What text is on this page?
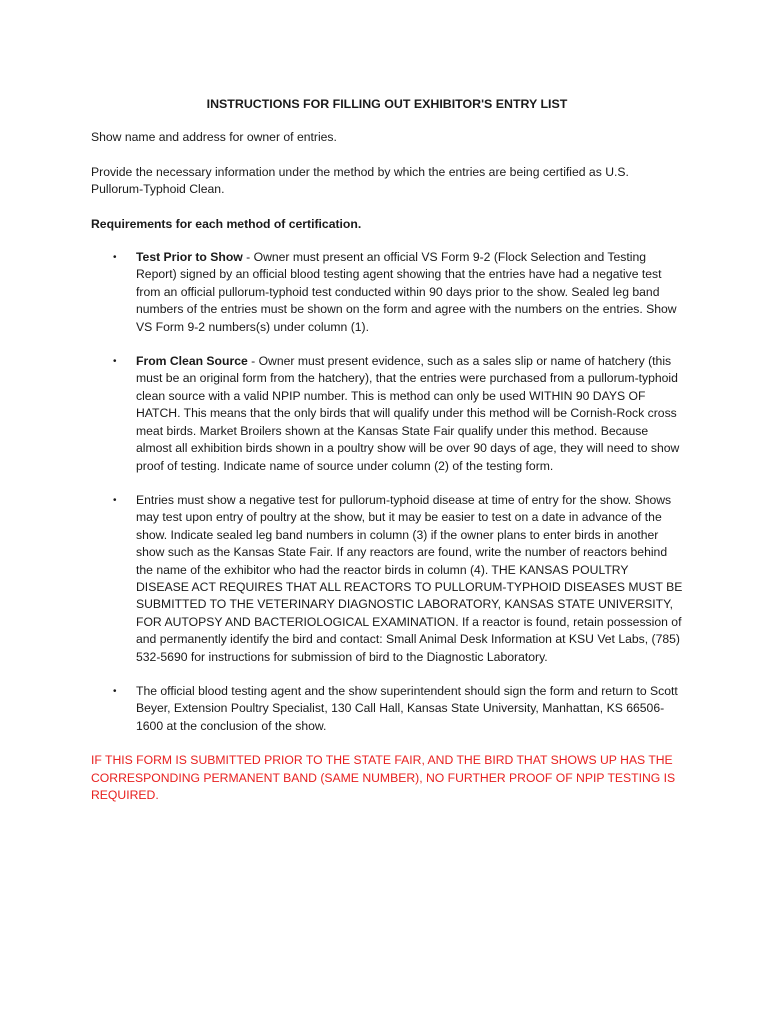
INSTRUCTIONS FOR FILLING OUT EXHIBITOR'S ENTRY LIST
Show name and address for owner of entries.
Provide the necessary information under the method by which the entries are being certified as U.S. Pullorum-Typhoid Clean.
Requirements for each method of certification.
• Test Prior to Show - Owner must present an official VS Form 9-2 (Flock Selection and Testing Report) signed by an official blood testing agent showing that the entries have had a negative test from an official pullorum-typhoid test conducted within 90 days prior to the show. Sealed leg band numbers of the entries must be shown on the form and agree with the numbers on the entries. Show VS Form 9-2 numbers(s) under column (1).
• From Clean Source - Owner must present evidence, such as a sales slip or name of hatchery (this must be an original form from the hatchery), that the entries were purchased from a pullorum-typhoid clean source with a valid NPIP number. This is method can only be used WITHIN 90 DAYS OF HATCH. This means that the only birds that will qualify under this method will be Cornish-Rock cross meat birds. Market Broilers shown at the Kansas State Fair qualify under this method. Because almost all exhibition birds shown in a poultry show will be over 90 days of age, they will need to show proof of testing. Indicate name of source under column (2) of the testing form.
• Entries must show a negative test for pullorum-typhoid disease at time of entry for the show. Shows may test upon entry of poultry at the show, but it may be easier to test on a date in advance of the show. Indicate sealed leg band numbers in column (3) if the owner plans to enter birds in another show such as the Kansas State Fair. If any reactors are found, write the number of reactors behind the name of the exhibitor who had the reactor birds in column (4). THE KANSAS POULTRY DISEASE ACT REQUIRES THAT ALL REACTORS TO PULLORUM-TYPHOID DISEASES MUST BE SUBMITTED TO THE VETERINARY DIAGNOSTIC LABORATORY, KANSAS STATE UNIVERSITY, FOR AUTOPSY AND BACTERIOLOGICAL EXAMINATION. If a reactor is found, retain possession of and permanently identify the bird and contact: Small Animal Desk Information at KSU Vet Labs, (785) 532-5690 for instructions for submission of bird to the Diagnostic Laboratory.
• The official blood testing agent and the show superintendent should sign the form and return to Scott Beyer, Extension Poultry Specialist, 130 Call Hall, Kansas State University, Manhattan, KS 66506-1600 at the conclusion of the show.
IF THIS FORM IS SUBMITTED PRIOR TO THE STATE FAIR, AND THE BIRD THAT SHOWS UP HAS THE CORRESPONDING PERMANENT BAND (SAME NUMBER), NO FURTHER PROOF OF NPIP TESTING IS REQUIRED.
